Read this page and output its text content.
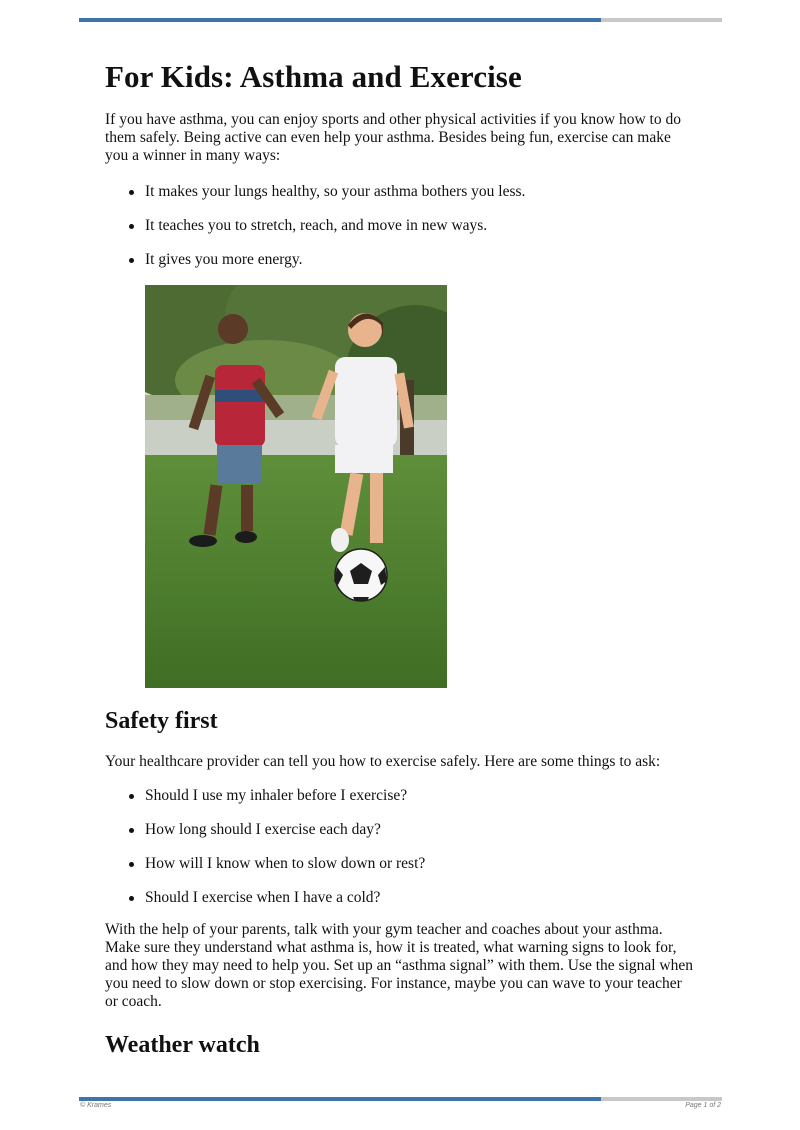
For Kids: Asthma and Exercise

If you have asthma, you can enjoy sports and other physical activities if you know how to do them safely. Being active can even help your asthma. Besides being fun, exercise can make you a winner in many ways:

It makes your lungs healthy, so your asthma bothers you less.
It teaches you to stretch, reach, and move in new ways.
It gives you more energy.
Safety first

Your healthcare provider can tell you how to exercise safely. Here are some things to ask:

Should I use my inhaler before I exercise?
How long should I exercise each day?
How will I know when to slow down or rest?
Should I exercise when I have a cold?

With the help of your parents, talk with your gym teacher and coaches about your asthma. Make sure they understand what asthma is, how it is treated, what warning signs to look for, and how they may need to help you. Set up an “asthma signal” with them. Use the signal when you need to slow down or stop exercising. For instance, maybe you can wave to your teacher or coach.

Weather watch
© Krames	Page 1 of 2
